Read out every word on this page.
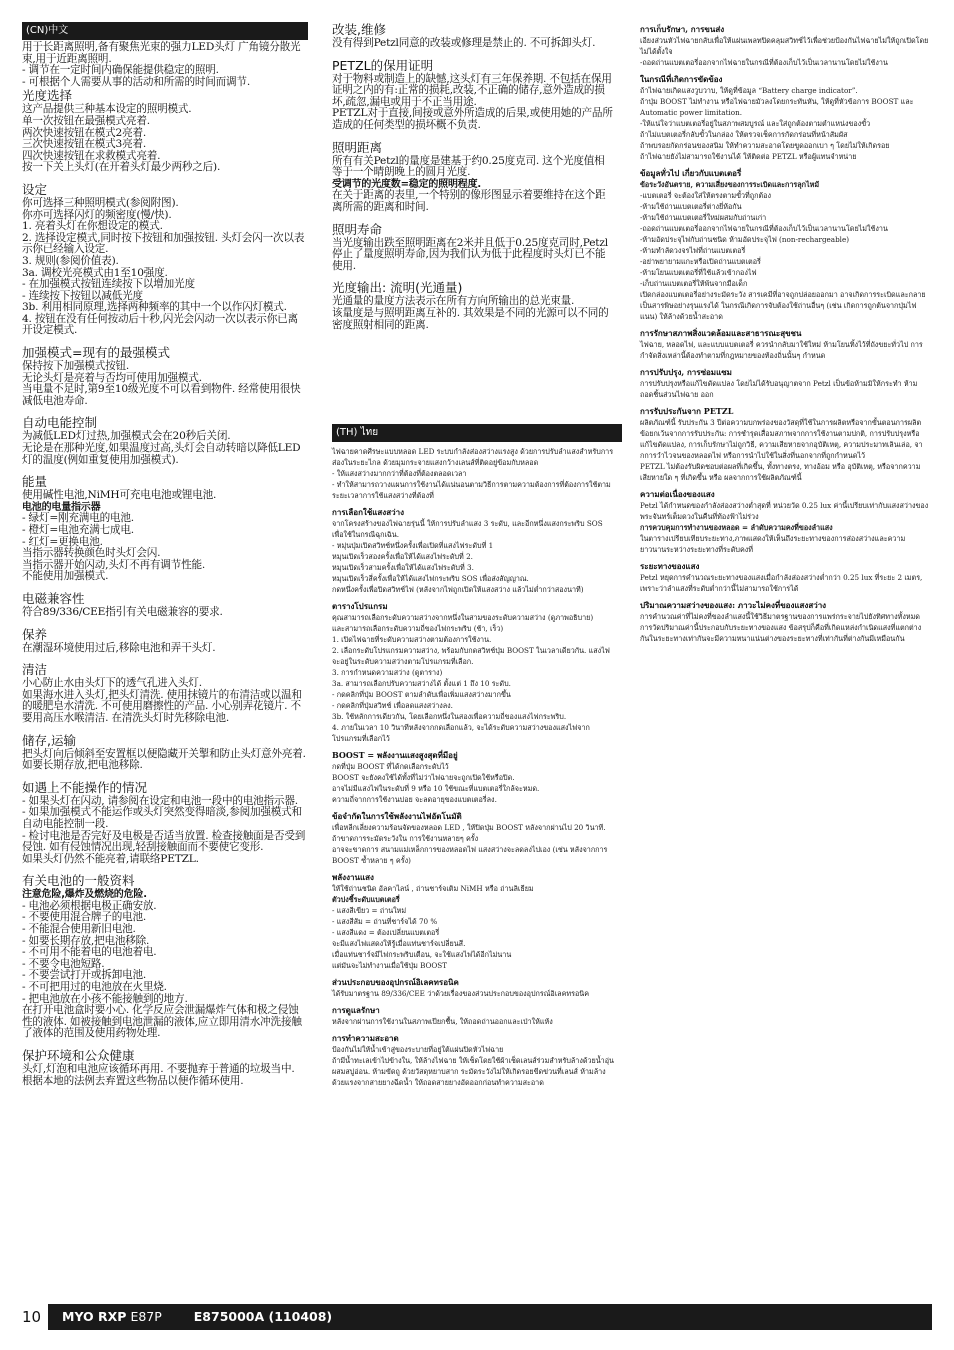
(CN)中文

用于长距离照明,备有聚焦光束的强力LED头灯 广角镜分散光束,用于近距离照明.

- 调节在一定时间内确保能提供稳定的照明.

- 可根据个人需要从事的活动和所需的时间而调节.

光度选择

这产品提供三种基本设定的照明模式.

单一次按钮在最强模式亮着.

两次快速按钮在模式2亮着.

三次快速按钮在模式3亮着.

四次快速按钮在求救模式亮着.

按一下关上头灯(在开着头灯最少两秒之后).

设定

你可选择三种照明模式(参阅附图).

你亦可选择闪灯的频密度(慢/快).

1. 亮着头灯在你想设定的模式.

2. 选择设定模式,同时按下按钮和加强按钮. 头灯会闪一次以表示你已经输入设定.

3. 规则(参阅价值表).

3a. 调校光亮模式由1至10强度.

- 在加强模式按钮连续按下以增加光度

- 连续按下按钮以减低光度

3b. 利用相同原理,选择两种频率的其中一个以作闪灯模式.

4. 按钮在没有任何按动后十秒,闪光会闪动一次以表示你已离开设定模式.

加强模式=现有的最强模式

保持按下加强模式按钮.

无论头灯是亮着与否均可使用加强模式.

当电量不足时,第9至10级光度不可以看到物件. 经常使用很快减低电池寿命.

自动电能控制

为减低LED灯过热,加强模式会在20秒后关闭.

无论是在那种光度,如果温度过高,头灯会自动转暗以降低LED灯的温度(例如重复使用加强模式).

能量

使用碱性电池,NiMH可充电电池或锂电池.

电池的电量指示器

- 绿灯=刚充满电的电池.

- 橙灯=电池充满七成电.

- 红灯=更换电池.

当指示器转换颜色时头灯会闪.

当指示器开始闪动,头灯不再有调节性能.

不能使用加强模式.

电磁兼容性

符合89/336/CEE指引有关电磁兼容的要求.

保养

在潮湿环境使用过后,移除电池和弄干头灯.

清洁

小心防止水由头灯下的透气孔进入头灯.

如果海水进入头灯,把头灯清洗. 使用抹镜片的布清洁或以温和的暖肥皂水清洗. 不可使用磨擦性的产品. 小心别弄花镜片. 不要用高压水喉清洁. 在清洗头灯时先移除电池.

储存,运输

把头灯向后倾斜至安置框以便隐藏开关掣和防止头灯意外亮着.

如要长期存放,把电池移除.

如遇上不能操作的情况

- 如果头灯在闪动, 请参阅在设定和电池一段中的电池指示器.

- 如果加强模式不能运作或头灯突然变得暗淡,参阅加强模式和自动电能控制一段.

- 检讨电池是否完好及电极是否适当放置. 检查接触面是否受到侵蚀. 如有侵蚀情况出现,轻刮接触面而不要使它变形.

如果头灯仍然不能亮着,请联络PETZL.

有关电池的一般资料

注意危险,爆炸及燃烧的危险.

- 电池必须根据电极正确安放.

- 不要使用混合牌子的电池.

- 不能混合使用新旧电池.

- 如要长期存放,把电池移除.

- 不可用不能着电的电池着电.

- 不要令电池短路.

- 不要尝试打开或拆卸电池.

- 不可把用过的电池放在火里烧.

- 把电池放在小孩不能接触到的地方.

在打开电池盒时要小心. 化学反应会泄漏爆炸气体和极之侵蚀性的液体. 如被接触到电池泄漏的液体,应立即用清水冲洗接触了液体的范围及使用药物处理.

保护环境和公众健康

头灯,灯泡和电池应该循环再用. 不要抛弃于普通的垃圾当中. 根据本地的法例去弃置这些物品以便作循环使用.

改装,维修

没有得到Petzl同意的改装或修理是禁止的. 不可拆卸头灯.

PETZL的保用证明

对于物料或制造上的缺憾,这头灯有三年保养期. 不包括在保用证明之内的有:正常的损耗,改装,不正确的储存,意外造成的损坏,疏忽,漏电或用于不正当用途.

PETZL对于直接,间接或意外所造成的后果,或使用她的产品所造成的任何类型的损坏概不负责.

照明距离

所有有关Petzl的量度是建基于约0.25度克司. 这个光度值相等于一个晴朗晚上的圆月光度.

受调节的光度数=稳定的照明程度.

在关于距离的表里,一个特别的像形图显示着要维持在这个距离所需的距离和时间.

照明寿命

当光度输出跌至照明距离在2米并且低于0.25度克司时,Petzl停止了量度照明寿命,因为我们认为低于此程度时头灯已不能使用.

光度输出: 流明(光通量)

光通量的量度方法表示在所有方向所输出的总光束量.

该量度是与照明距离互补的. 其效果是不同的光源可以不同的密度照射相同的距离.

(TH) ไทย

ไฟฉายคาดศีรษะแบบหลอด LED ระบบกำลังส่องสว่างแรงสูง ด้วยการปรับลำแสงสำหรับการส่องในระยะไกล ด้วยมุมกระจายแสงกว้างเลนส์ที่ติดอยู่ข้อมกับหลอด

- ให้แสงสว่างมากกว่าที่ต้องที่ต้องตลอดเวลา

- ทำให้สามารถวางแผนการใช้งานได้แน่นอนตามวิธีการตามความต้องการที่ต้องการใช้ตามระยะเวลาการใช้แสงสว่างที่ต้องที่

การเลือกใช้แสงสว่าง

จากโครงสร้างของไฟฉายรุ่นนี้ ให้การปรับลำแสง 3 ระดับ, และอีกหนึ่งแสงกระพริบ SOS เพื่อใช้ในกรณีฉุกเฉิน.

- หมุ่นปุ่มเปิดสวิทช์หนึ่งครั้งเพื่อเปิดที่แสงไฟระดับที่ 1

หมุนเปิดเร็วสองครั้งเพื่อให้ได้แสงไฟระดับที่ 2.

หมุนเปิดเร็วสามครั้งเพื่อให้ได้แสงไฟระดับที่ 3.

หมุนเปิดเร็วสี่ครั้งเพื่อให้ได้แสงไฟกระพริบ SOS เพื่อส่งสัญญาณ.

กดหนึ่งครั้งเพื่อปิดสวิทช์ไฟ (หลังจากไฟถูกเปิดให้แสงสว่าง แล้วไม่ต่ำกว่าสองนาที)

ตารางโปรแกรม

คุณสามารถเลือกระดับความสว่างจากหนึ่งในสามของระดับความสว่าง (ดูภาพอธิบาย)

และสามารถเลือกระดับความถี่ของไฟกระพริบ (ช้า, เร็ว)

1. เปิดไฟฉายที่ระดับความสว่างตามต้องการใช้งาน.

2. เลือกระดับโปรแกรมความสว่าง, พร้อมกับกดสวิทช์ปุ่ม BOOST ในเวลาเดียวกัน. แสงไฟจะอยู่ในระดับความสว่างตามโปรแกรมที่เลือก.

3. การกำหนดความสว่าง (ดูตาราง)

3a. สามารถเลือกปรับความสว่างได้ ตั้งแต่ 1 ถึง 10 ระดับ.

- กดคลิกที่ปุ่ม BOOST ตามลำดับเพื่อเพิ่มแสงสว่างมากขึ้น

- กดคลิกที่ปุ่มสวิทช์ เพื่อลดแสงสว่างลง.

3b. ใช้หลักการเดียวกัน, โดยเลือกหนึ่งในสองเพื่อความถี่ของแสงไฟกระพริบ.

4. ภายในเวลา 10 วินาทีหลังจากกดเลือกแล้ว, จะได้ระดับความสว่างของแสงไฟจากโปรแกรมที่เลือกไว้

BOOST = พลังงานแสงสูงสุดที่มีอยู่

กดที่ปุ่ม BOOST ที่ได้กดเลือกระดับไว้

BOOST จะยังคงใช้ได้ทั้งที่ไม่ว่าไฟฉายจะถูกเปิดใช้หรือปิด.

อาจไม่มีแสงไฟในระดับที่ 9 หรือ 10 ใช้ขณะที่แบตเตอรี่ใกล้จะหมด.

ความถี่จากการใช้งานบ่อย จะลดอายุของแบตเตอรี่ลง.

ข้อจำกัดในการใช้พลังงานไฟอัตโนมัติ

เพื่อหลีกเลี่ยงความร้อนจัดของหลอด LED , ให้ปิดปุ่ม BOOST หลังจากผ่านไป 20 วินาที.

ถ้าขาดการระมัดระวังใน การใช้งานหลายๆ ครั้ง

อาจจะขาดการ สนามแม่เหล็กการของหลอดไฟ แสงสว่างจะลดลงไปเอง (เช่น หลังจากการ BOOST ซ้ำหลาย ๆ ครั้ง)

พลังงานแสง

ให้ใช้ถ่านชนิด อัลคาไลน์ , ถ่านชาร์จเติม NiMH หรือ ถ่านลิเธียม

ตัวบ่งชี้ระดับแบตเตอรี่

- แสงสีเขียว = ถ่านใหม่

- แสงสีส้ม = ถ่านที่ชาร์จได้ 70 %

- แสงสีแดง = ต้องเปลี่ยนแบตเตอรี่

จะมีแสงไฟแสดงให้รู้เมื่อแท่นชาร์จเปลี่ยนสี.

เมื่อแท่นชาร์จมีไฟกระพริบเตือน, จะใช้แสงไฟได้อีกไม่นาน

แต่มันจะไม่ทำงานเมื่อใช้ปุ่ม BOOST

ส่วนประกอบของอุปกรณ์อิเลคทรอนิค

ได้รับมาตรฐาน 89/336/CEE ว่าด้วยเรื่องของส่วนประกอบของอุปกรณ์อิเลคทรอนิค

การดูแลรักษา

หลังจากผ่านการใช้งานในสภาพเปียกชื้น, ให้ถอดถ่านออกและเป่าให้แห้ง

การทำความสะอาด

ป้องกันไม่ให้น้ำเข้าสู่ของระบายที่อยู่ใต้แผ่นปิดหัวไฟฉาย

ถ้ามีน้ำทะเลเข้าไปข้างใน, ให้ล้างไฟฉาย ให้เช็ดโดยใช้ผ้าเช็ดเลนส์ร่วมสำหรับล้างด้วยน้ำอุ่นผสมสบู่อ่อน. ห้ามขัดถู ด้วยวัสดุหยาบสาก ระมัดระวังไม่ให้เกิดรอยขีดข่วนที่เลนส์ ห้ามล้างด้วยแรงจากสายยางฉีดน้ำ ให้ถอดสายยางอัดออกก่อนทำความสะอาด

การเก็บรักษา, การขนส่ง

เอียงส่วนหัวไฟฉายกลับเพื่อให้แผ่นเพลทปิดคลุมสวิทช์ไว้เพื่อช่วยป้องกันไฟฉายไม่ให้ถูกเปิดโดยไม่ได้ตั้งใจ

-ถอดถ่านแบตเตอรี่ออกจากไฟฉายในกรณีที่ต้องเก็บไว้เป็นเวลานานโดยไม่ใช้งาน

ในกรณีที่เกิดการขัดข้อง

ถ้าไฟฉายเกิดแสงวูบวาบ, ให้ดูที่ข้อมูล “Battery charge indicator”.

ถ้าปุ่ม BOOST ไม่ทำงาน หรือไฟฉายมัวลงโดยกระทันหัน, ให้ดูที่หัวข้อการ BOOST และ Automatic power limitation.

-ให้แน่ใจว่าแบตเตอรี่อยู่ในสภาพสมบูรณ์ และใส่ถูกต้องตามตำแหน่งของขั้ว

ถ้าไม่แบตเตอรี่กลับขั้วในกล่อง ให้ตรวจเช็คการกัดกร่อนที่หน้าสัมผัส

ถ้าพบรอยกัดกร่อนของสนิม ให้ทำความสะอาดโดยขูดออกเบา ๆ โดยไม่ให้เกิดรอย

ถ้าไฟฉายยังไม่สามารถใช้งานได้ ให้ติดต่อ PETZL หรือผู้แทนจำหน่าย

ข้อมูลทั่วไป เกี่ยวกับแบตเตอรี่

ข้อระวังอันตราย, ความเสี่ยงของการระเบิดและการลุกไหม้

-แบตเตอรี่ จะต้องใส่ให้ตรงตามขั้วที่ถูกต้อง

-ห้ามใช้ถ่านแบตเตอรี่ต่างยี่ห้อกัน

-ห้ามใช้ถ่านแบตเตอรี่ใหม่ผสมกับถ่านเก่า

-ถอดถ่านแบตเตอรี่ออกจากไฟฉายในกรณีที่ต้องเก็บไว้เป็นเวลานานโดยไม่ใช้งาน

-ห้ามอัดประจุไฟกับถ่านชนิด ห้ามอัดประจุไฟ (non-rechargeable)

-ห้ามทำลัดวงจรไฟที่ถ่านแบตเตอรี่

-อย่าพยายามแกะหรือเปิดถ่านแบตเตอรี่

-ห้ามโยนแบตเตอรี่ที่ใช้แล้วเข้ากองไฟ

-เก็บถ่านแบตเตอรี่ให้พ้นจากมือเด็ก

เปิดกล่องแบตเตอรี่อย่างระมัดระวัง สารเคมีที่อาจถูกปล่อยออกมา อาจเกิดการระเบิดและกลายเป็นสารพิษอย่างรุนแรงได้ ในกรณีเกิดการจับต้องใช้ถ่านอื่นๆ (เช่น เกิดการถูกต้นจากปุ่มไฟแนน) ให้ล้างด้วยน้ำสะอาด

การรักษาสภาพสิ่งแวดล้อมและสาธารณะสุขชน

ไฟฉาย, หลอดไฟ, และแบบแบตเตอรี่ ควรนำกลับมาใช้ใหม่ ห้ามโยนทิ้งไว้ที่ถังขยะทั่วไป การกำจัดสิ่งเหล่านี้ต้องทำตามที่กฎหมายของท้องถิ่นนั้นๆ กำหนด

การปรับปรุง, การซ่อมแซม

การปรับปรุงหรือแก้ไขดัดแปลง โดยไม่ได้รับอนุญาตจาก Petzl เป็นข้อห้ามมิให้กระทำ ห้ามถอดชิ้นส่วนไฟฉาย ออก

การรับประกันจาก PETZL

ผลิตภัณฑ์นี้ รับประกัน 3 ปีต่อความบกพร่องของวัสดุที่ใช้ในการผลิตหรือจากขั้นตอนการผลิต ข้อยกเว้นจากการรับประกัน: การชำรุดเสื่อมสภาพจากการใช้งานตามปกติ, การปรับปรุงหรือแก้ไขดัดแปลง, การเก็บรักษาไม่ถูกวิธี, ความเสียหายจากอุบัติเหตุ, ความประมาทเลินเล่อ, จากการวำไวจนของหลอดไฟ หรือการนำไปใช้ในสิ่งที่นอกจากที่ถูกกำหนดไว้

PETZL ไม่ต้องรับผิดชอบต่อผลที่เกิดขึ้น, ทั้งทางตรง, ทางอ้อม หรือ อุบัติเหตุ, หรือจากความเสียหายใด ๆ ที่เกิดขึ้น หรือ ผลจากการใช้ผลิตภัณฑ์นี้

ความต่อเนื่องของแสง

Petzl ได้กำหนดของกำลังส่องสว่างต่ำสุดที่ หน่วยวัด 0.25 lux ค่านี้เปรียบเท่ากับแสงสว่างของพระจันทร์เต็มดวงในคืนที่ท้องฟ้าไม่ร่วง

การควบคุมการทำงานของหลอด = ลำดับความคงที่ของลำแสง

ในตารางเปรียบเทียบระยะทาง,ภาพแสดงให้เห็นถึงระยะทางของการส่องสว่างและความยาวนานระหว่างระยะทางที่ระดับคงที่

ระยะทางของแสง

Petzl หยุดการคำนวณระยะทางของแสงเมื่อกำลังส่องสว่างต่ำกว่า 0.25 lux ที่ระยะ 2 เมตร, เพราะว่าลำแสงที่ระดับต่ำกว่านี้ไม่สามารถใช้การได้

ปริมาณความสว่างของแสง: ภาวะไม่คงที่ของแสงสว่าง

การคำนวณค่าที่ไม่คงที่ของลำแสงนี้ใช้วิธีมาตรฐานของการแพร่กระจายไปยังทิศทางทั้งหมด

การวัดปริมาณค่านี้ประกอบกับระยะทางของแสง ข้อสรุปก็คือที่เกิดแหล่งกำเนิดแสงที่แตกต่างกันในระยะทางเท่ากันจะมีความหนาแน่นต่างของระยะทางที่เท่ากันที่ต่างกันมีเหมือนกัน

10	MYO RXP E87P	E875000A (110408)
